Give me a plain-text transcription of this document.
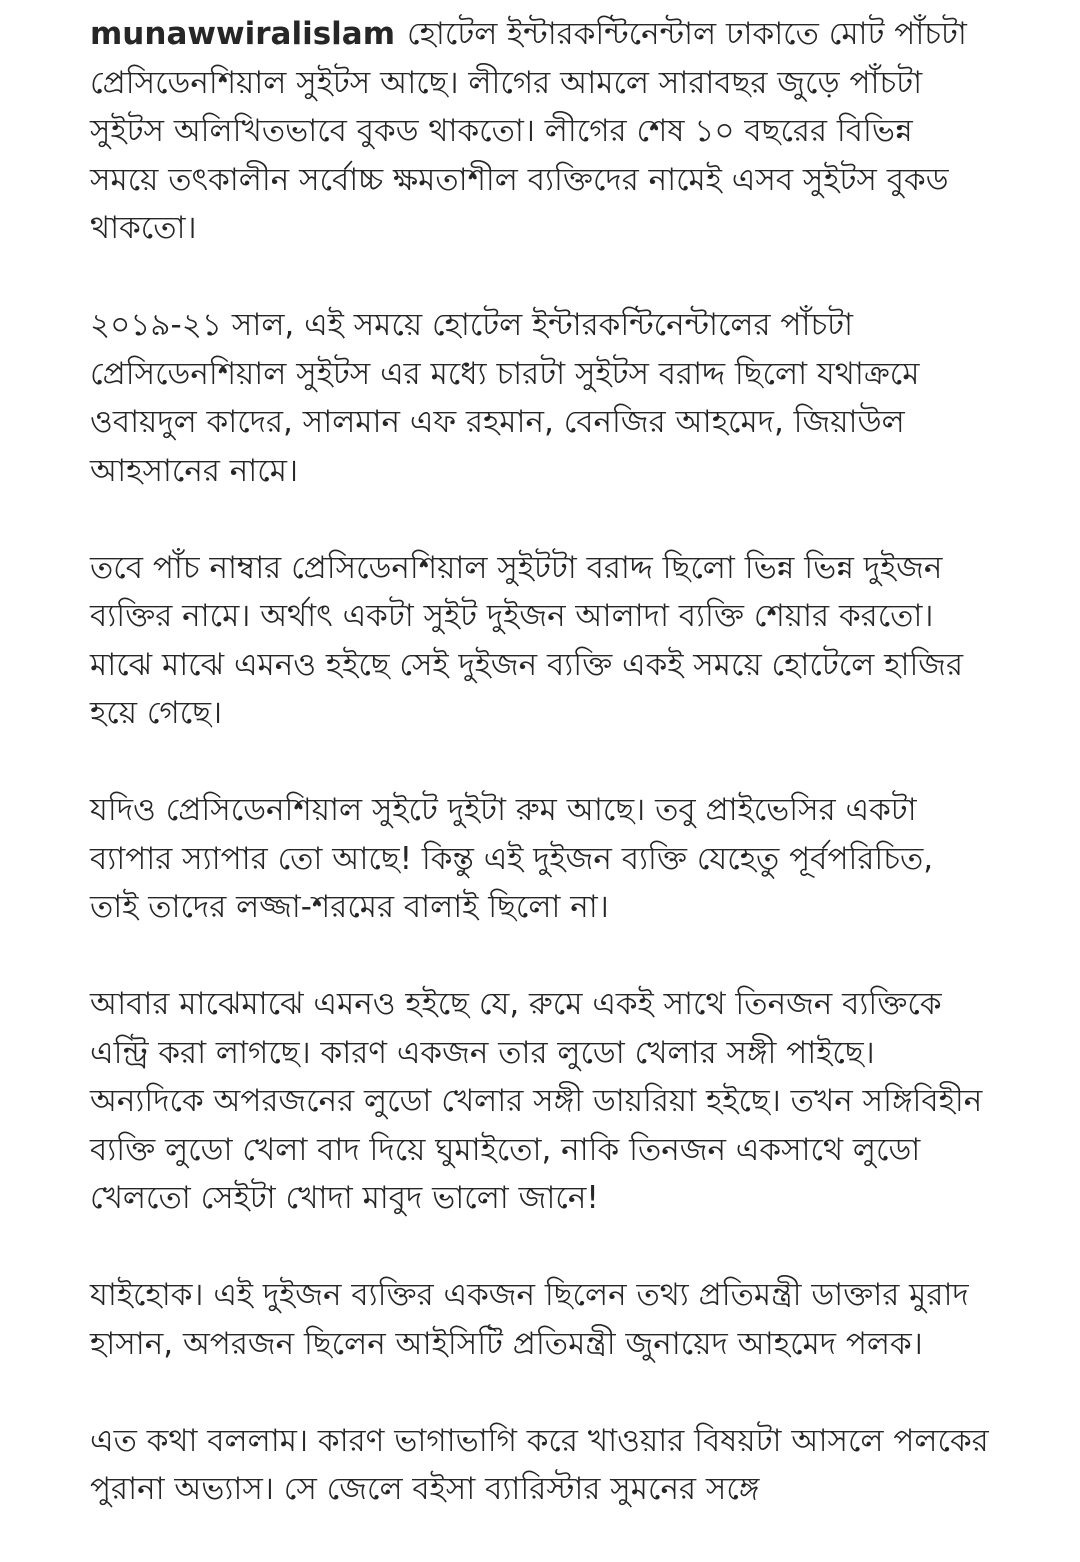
munawwiralislam হোটেল ইন্টারকন্টিনেন্টাল ঢাকাতে মোট পাঁচটা প্রেসিডেনশিয়াল সুইটস আছে। লীগের আমলে সারাবছর জুড়ে পাঁচটা সুইটস অলিখিতভাবে বুকড থাকতো। লীগের শেষ ১০ বছরের বিভিন্ন সময়ে তৎকালীন সর্বোচ্চ ক্ষমতাশীল ব্যক্তিদের নামেই এসব সুইটস বুকড থাকতো।

২০১৯-২১ সাল, এই সময়ে হোটেল ইন্টারকন্টিনেন্টালের পাঁচটা প্রেসিডেনশিয়াল সুইটস এর মধ্যে চারটা সুইটস বরাদ্দ ছিলো যথাক্রমে ওবায়দুল কাদের, সালমান এফ রহমান, বেনজির আহমেদ, জিয়াউল আহসানের নামে।

তবে পাঁচ নাম্বার প্রেসিডেনশিয়াল সুইটটা বরাদ্দ ছিলো ভিন্ন ভিন্ন দুইজন ব্যক্তির নামে। অর্থাৎ একটা সুইট দুইজন আলাদা ব্যক্তি শেয়ার করতো। মাঝে মাঝে এমনও হইছে সেই দুইজন ব্যক্তি একই সময়ে হোটেলে হাজির হয়ে গেছে।

যদিও প্রেসিডেনশিয়াল সুইটে দুইটা রুম আছে। তবু প্রাইভেসির একটা ব্যাপার স্যাপার তো আছে! কিন্তু এই দুইজন ব্যক্তি যেহেতু পূর্বপরিচিত, তাই তাদের লজ্জা-শরমের বালাই ছিলো না।

আবার মাঝেমাঝে এমনও হইছে যে, রুমে একই সাথে তিনজন ব্যক্তিকে এন্ট্রি করা লাগছে। কারণ একজন তার লুডো খেলার সঙ্গী পাইছে। অন্যদিকে অপরজনের লুডো খেলার সঙ্গী ডায়রিয়া হইছে। তখন সঙ্গিবিহীন ব্যক্তি লুডো খেলা বাদ দিয়ে ঘুমাইতো, নাকি তিনজন একসাথে লুডো খেলতো সেইটা খোদা মাবুদ ভালো জানে!

যাইহোক। এই দুইজন ব্যক্তির একজন ছিলেন তথ্য প্রতিমন্ত্রী ডাক্তার মুরাদ হাসান, অপরজন ছিলেন আইসিটি প্রতিমন্ত্রী জুনায়েদ আহমেদ পলক।

এত কথা বললাম। কারণ ভাগাভাগি করে খাওয়ার বিষয়টা আসলে পলকের পুরানা অভ্যাস। সে জেলে বইসা ব্যারিস্টার সুমনের সঙ্গে
